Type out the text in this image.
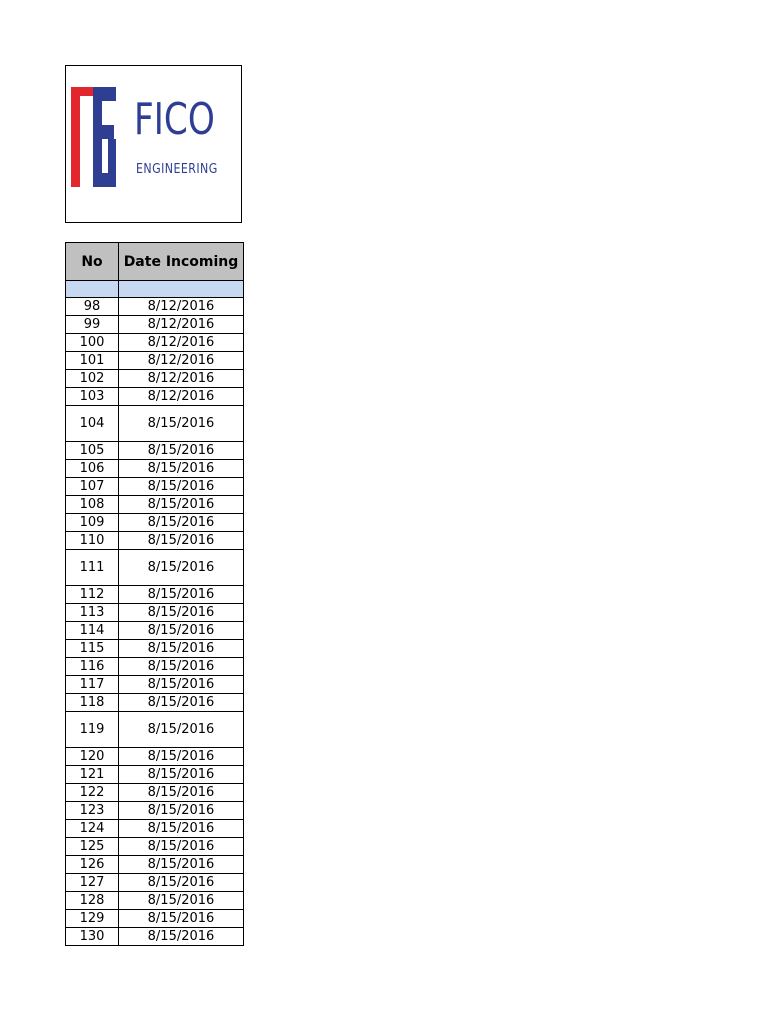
FICO
ENGINEERING
No	Date Incoming

98	8/12/2016
99	8/12/2016
100	8/12/2016
101	8/12/2016
102	8/12/2016
103	8/12/2016
104	8/15/2016
105	8/15/2016
106	8/15/2016
107	8/15/2016
108	8/15/2016
109	8/15/2016
110	8/15/2016
111	8/15/2016
112	8/15/2016
113	8/15/2016
114	8/15/2016
115	8/15/2016
116	8/15/2016
117	8/15/2016
118	8/15/2016
119	8/15/2016
120	8/15/2016
121	8/15/2016
122	8/15/2016
123	8/15/2016
124	8/15/2016
125	8/15/2016
126	8/15/2016
127	8/15/2016
128	8/15/2016
129	8/15/2016
130	8/15/2016
